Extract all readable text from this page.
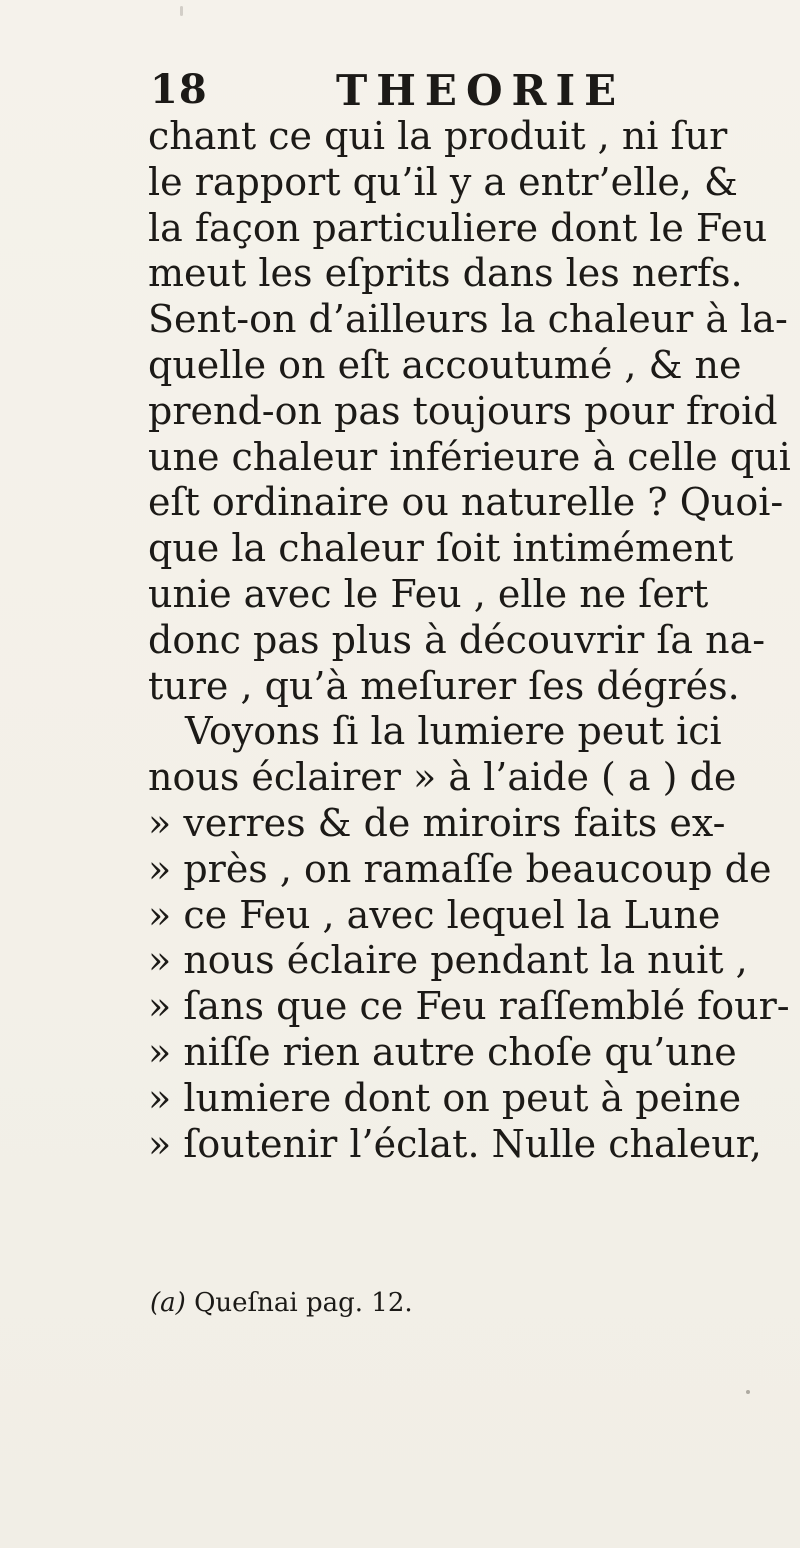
18	THEORIE
chant ce qui la produit , ni ſur
le rapport qu’il y a entr’elle, &
la façon particuliere dont le Feu
meut les eſprits dans les nerfs.
Sent-on d’ailleurs la chaleur à la-
quelle on eſt accoutumé , & ne
prend-on pas toujours pour froid
une chaleur inférieure à celle qui
eſt ordinaire ou naturelle ? Quoi-
que la chaleur ſoit intimément
unie avec le Feu , elle ne ſert
donc pas plus à découvrir ſa na-
ture , qu’à meſurer ſes dégrés.
Voyons ſi la lumiere peut ici
nous éclairer » à l’aide ( a ) de
» verres & de miroirs faits ex-
» près , on ramaſſe beaucoup de
» ce Feu , avec lequel la Lune
» nous éclaire pendant la nuit ,
» ſans que ce Feu raſſemblé four-
» niſſe rien autre choſe qu’une
» lumiere dont on peut à peine
» ſoutenir l’éclat. Nulle chaleur,
(a) Queſnai pag. 12.
